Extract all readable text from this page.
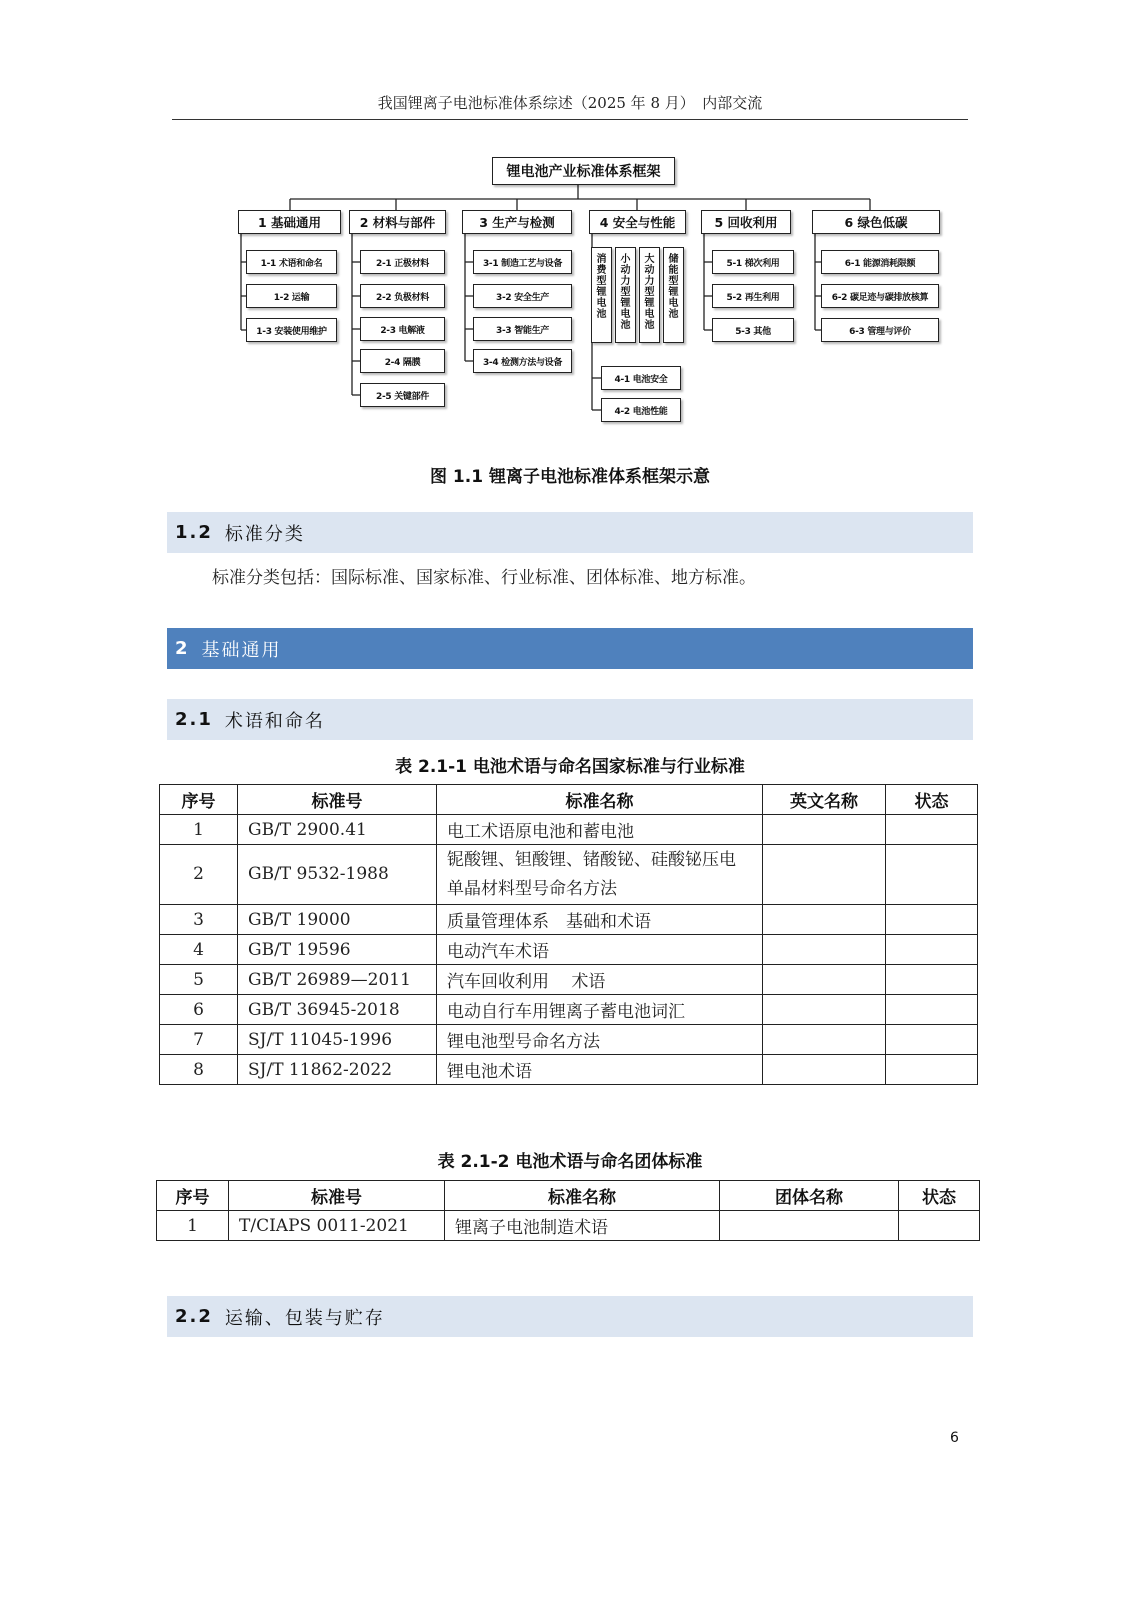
我国锂离子电池标准体系综述（2025 年 8 月）　内部交流
锂电池产业标准体系框架
1 基础通用	2 材料与部件	3 生产与检测	4 安全与性能	5 回收利用	6 绿色低碳
1-1 术语和命名
1-2 运输
1-3 安装使用维护
2-1 正极材料
2-2 负极材料
2-3 电解液
2-4 隔膜
2-5 关键部件
3-1 制造工艺与设备
3-2 安全生产
3-3 智能生产
3-4 检测方法与设备
消费型锂电池
小动力型锂电池
大动力型锂电池
储能型锂电池
4-1 电池安全
4-2 电池性能
5-1 梯次利用
5-2 再生利用
5-3 其他
6-1 能源消耗限额
6-2 碳足迹与碳排放核算
6-3 管理与评价
图 1.1 锂离子电池标准体系框架示意
1.2 标准分类
标准分类包括：国际标准、国家标准、行业标准、团体标准、地方标准。
2 基础通用
2.1 术语和命名
表 2.1-1 电池术语与命名国家标准与行业标准
序号	标准号	标准名称	英文名称	状态
1	GB/T 2900.41	电工术语原电池和蓄电池		
2	GB/T 9532-1988	铌酸锂、钽酸锂、锗酸铋、硅酸铋压电单晶材料型号命名方法		
3	GB/T 19000	质量管理体系　基础和术语		
4	GB/T 19596	电动汽车术语		
5	GB/T 26989—2011	汽车回收利用　 术语		
6	GB/T 36945-2018	电动自行车用锂离子蓄电池词汇		
7	SJ/T 11045-1996	锂电池型号命名方法		
8	SJ/T 11862-2022	锂电池术语		
表 2.1-2 电池术语与命名团体标准
序号	标准号	标准名称	团体名称	状态
1	T/CIAPS 0011-2021	锂离子电池制造术语		
2.2 运输、包装与贮存
6
